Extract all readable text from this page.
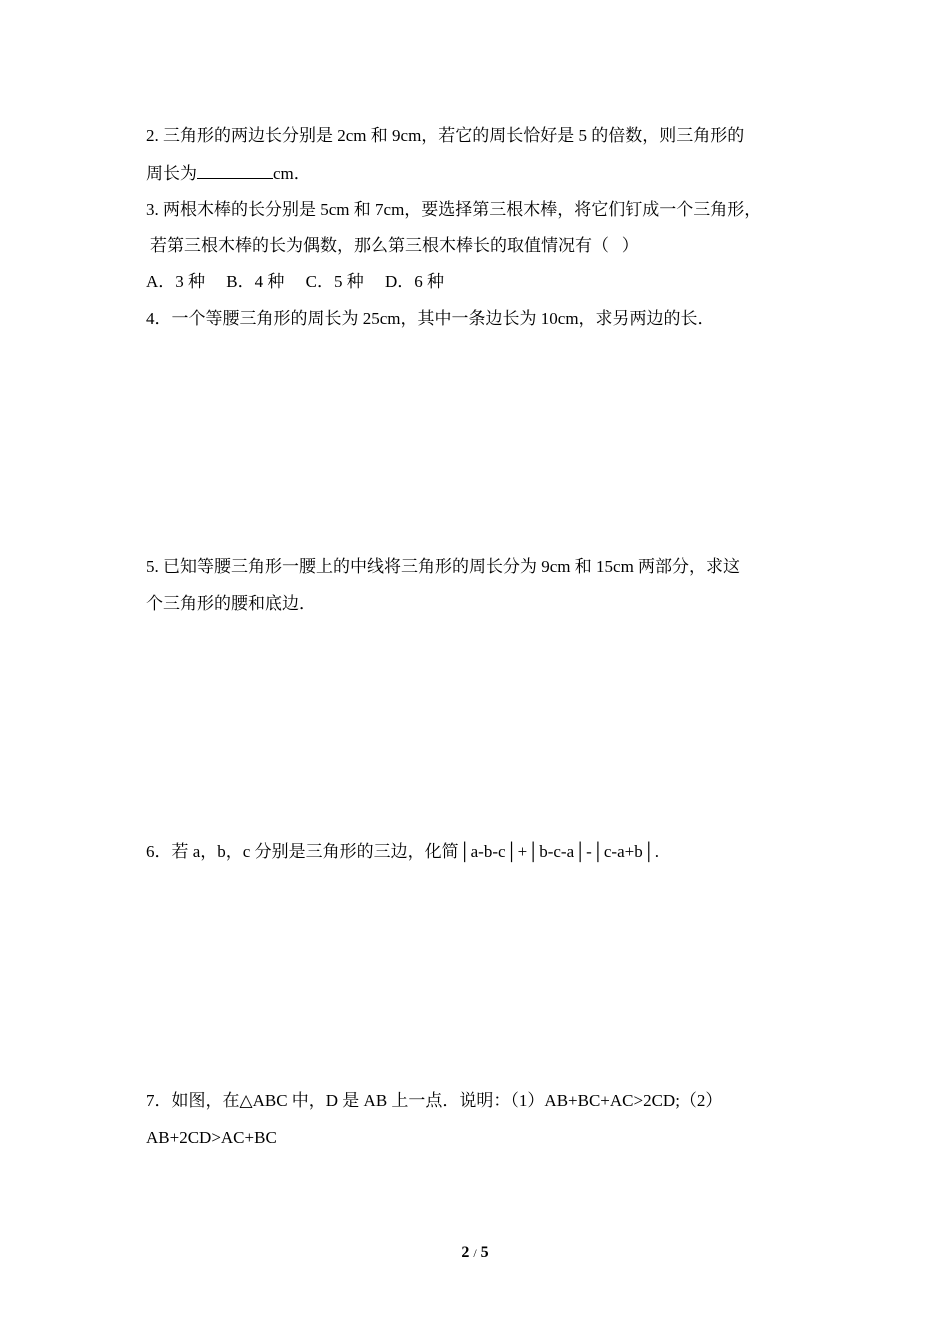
2. 三角形的两边长分别是 2cm 和 9cm，若它的周长恰好是 5 的倍数，则三角形的

周长为	cm．

3. 两根木棒的长分别是 5cm 和 7cm，要选择第三根木棒，将它们钉成一个三角形，

若第三根木棒的长为偶数，那么第三根木棒长的取值情况有（   ）

A．3 种     B．4 种     C．5 种     D．6 种

4．一个等腰三角形的周长为 25cm，其中一条边长为 10cm，求另两边的长．

5. 已知等腰三角形一腰上的中线将三角形的周长分为 9cm 和 15cm 两部分，求这

个三角形的腰和底边．

6．若 a，b，c 分别是三角形的三边，化简│a-b-c│+│b-c-a│-│c-a+b│.

7．如图，在△ABC 中，D 是 AB 上一点．说明：（1）AB+BC+AC>2CD;（2）

AB+2CD>AC+BC

2 / 5
